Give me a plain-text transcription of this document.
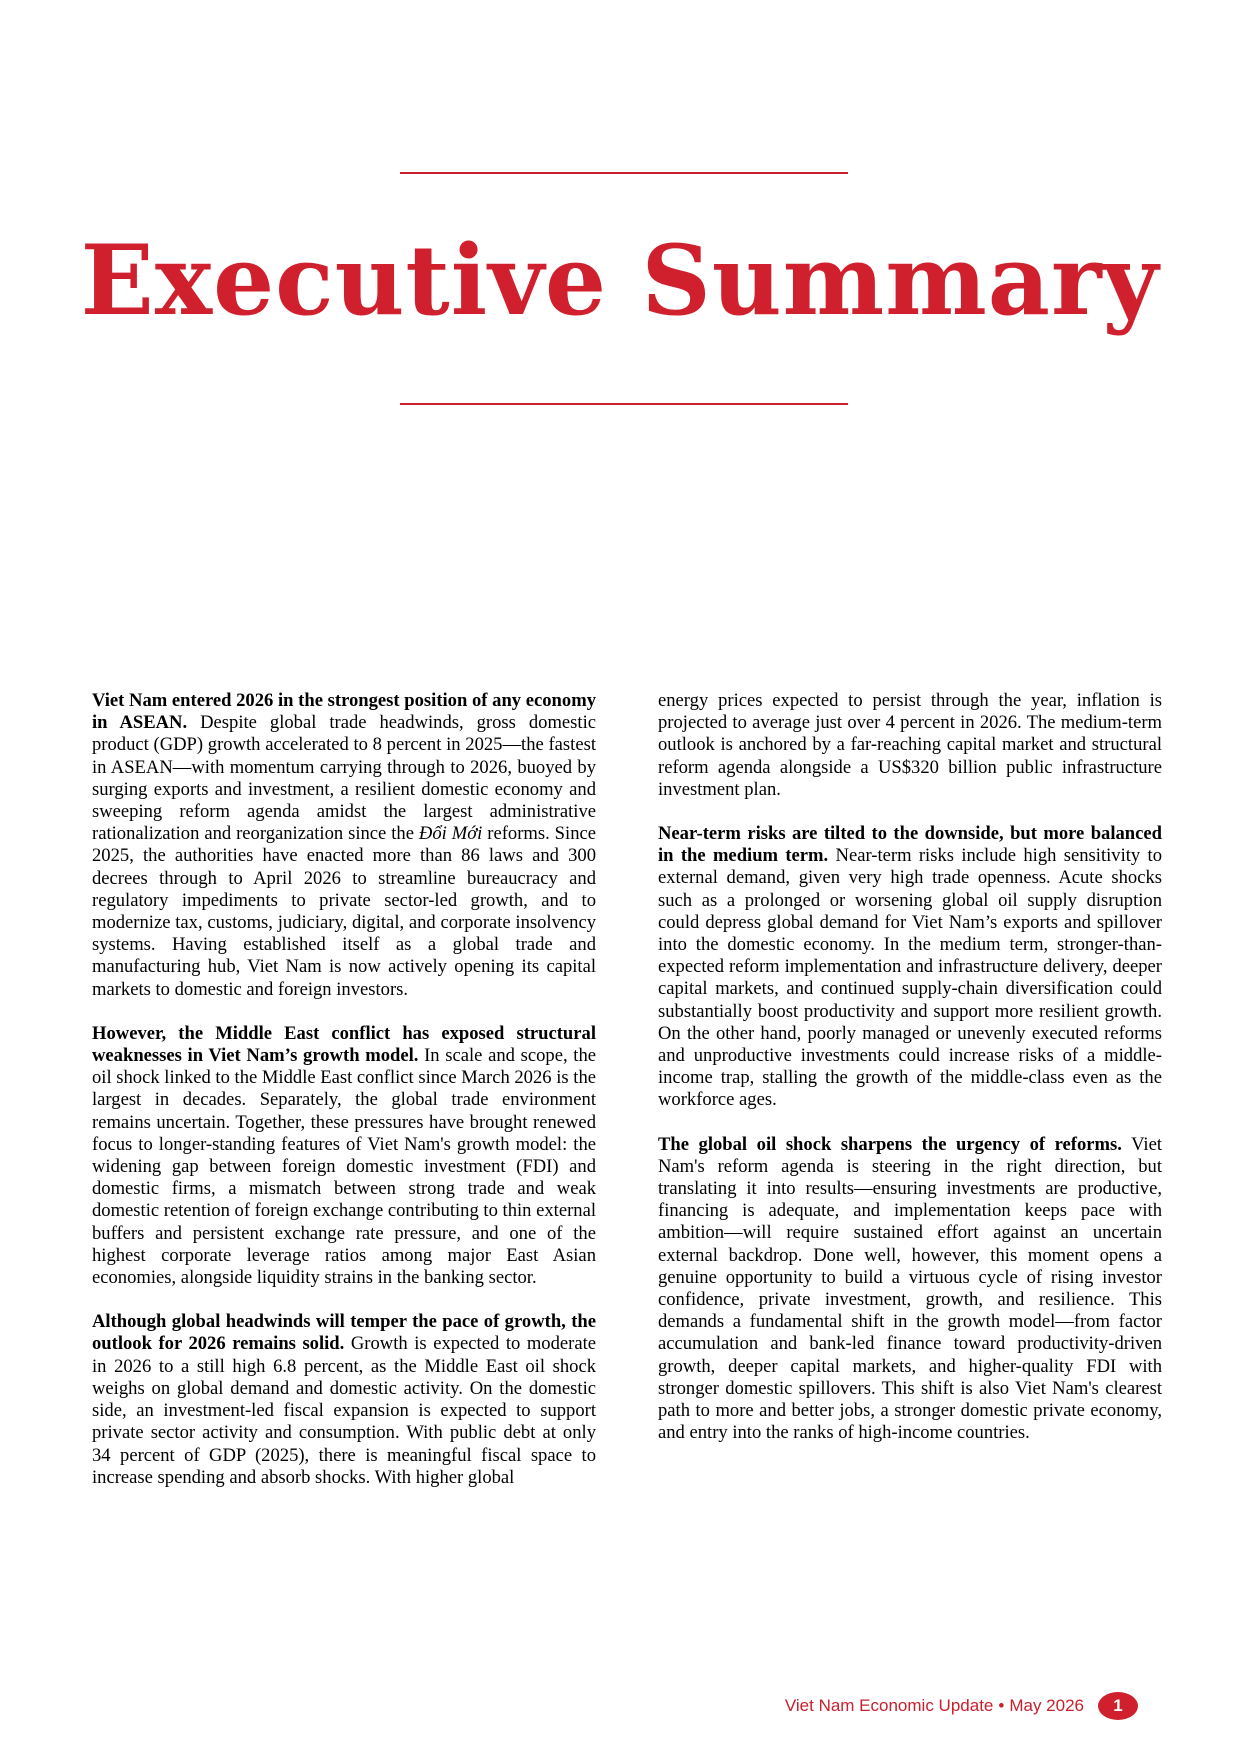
Executive Summary

Viet Nam entered 2026 in the strongest position of any economy in ASEAN. Despite global trade headwinds, gross domestic product (GDP) growth accelerated to 8 percent in 2025—the fastest in ASEAN—with momentum carrying through to 2026, buoyed by surging exports and investment, a resilient domestic economy and sweeping reform agenda amidst the largest administrative rationalization and reorganization since the Đổi Mới reforms. Since 2025, the authorities have enacted more than 86 laws and 300 decrees through to April 2026 to streamline bureaucracy and regulatory impediments to private sector-led growth, and to modernize tax, customs, judiciary, digital, and corporate insolvency systems. Having established itself as a global trade and manufacturing hub, Viet Nam is now actively opening its capital markets to domestic and foreign investors.

However, the Middle East conflict has exposed structural weaknesses in Viet Nam’s growth model. In scale and scope, the oil shock linked to the Middle East conflict since March 2026 is the largest in decades. Separately, the global trade environment remains uncertain. Together, these pressures have brought renewed focus to longer-standing features of Viet Nam's growth model: the widening gap between foreign domestic investment (FDI) and domestic firms, a mismatch between strong trade and weak domestic retention of foreign exchange contributing to thin external buffers and persistent exchange rate pressure, and one of the highest corporate leverage ratios among major East Asian economies, alongside liquidity strains in the banking sector.

Although global headwinds will temper the pace of growth, the outlook for 2026 remains solid. Growth is expected to moderate in 2026 to a still high 6.8 percent, as the Middle East oil shock weighs on global demand and domestic activity. On the domestic side, an investment-led fiscal expansion is expected to support private sector activity and consumption. With public debt at only 34 percent of GDP (2025), there is meaningful fiscal space to increase spending and absorb shocks. With higher global

energy prices expected to persist through the year, inflation is projected to average just over 4 percent in 2026. The medium-term outlook is anchored by a far-reaching capital market and structural reform agenda alongside a US$320 billion public infrastructure investment plan.

Near-term risks are tilted to the downside, but more balanced in the medium term. Near-term risks include high sensitivity to external demand, given very high trade openness. Acute shocks such as a prolonged or worsening global oil supply disruption could depress global demand for Viet Nam’s exports and spillover into the domestic economy. In the medium term, stronger-than-expected reform implementation and infrastructure delivery, deeper capital markets, and continued supply-chain diversification could substantially boost productivity and support more resilient growth. On the other hand, poorly managed or unevenly executed reforms and unproductive investments could increase risks of a middle-income trap, stalling the growth of the middle-class even as the workforce ages.

The global oil shock sharpens the urgency of reforms. Viet Nam's reform agenda is steering in the right direction, but translating it into results—ensuring investments are productive, financing is adequate, and implementation keeps pace with ambition—will require sustained effort against an uncertain external backdrop. Done well, however, this moment opens a genuine opportunity to build a virtuous cycle of rising investor confidence, private investment, growth, and resilience. This demands a fundamental shift in the growth model—from factor accumulation and bank-led finance toward productivity-driven growth, deeper capital markets, and higher-quality FDI with stronger domestic spillovers. This shift is also Viet Nam's clearest path to more and better jobs, a stronger domestic private economy, and entry into the ranks of high-income countries.

Viet Nam Economic Update • May 2026	1
